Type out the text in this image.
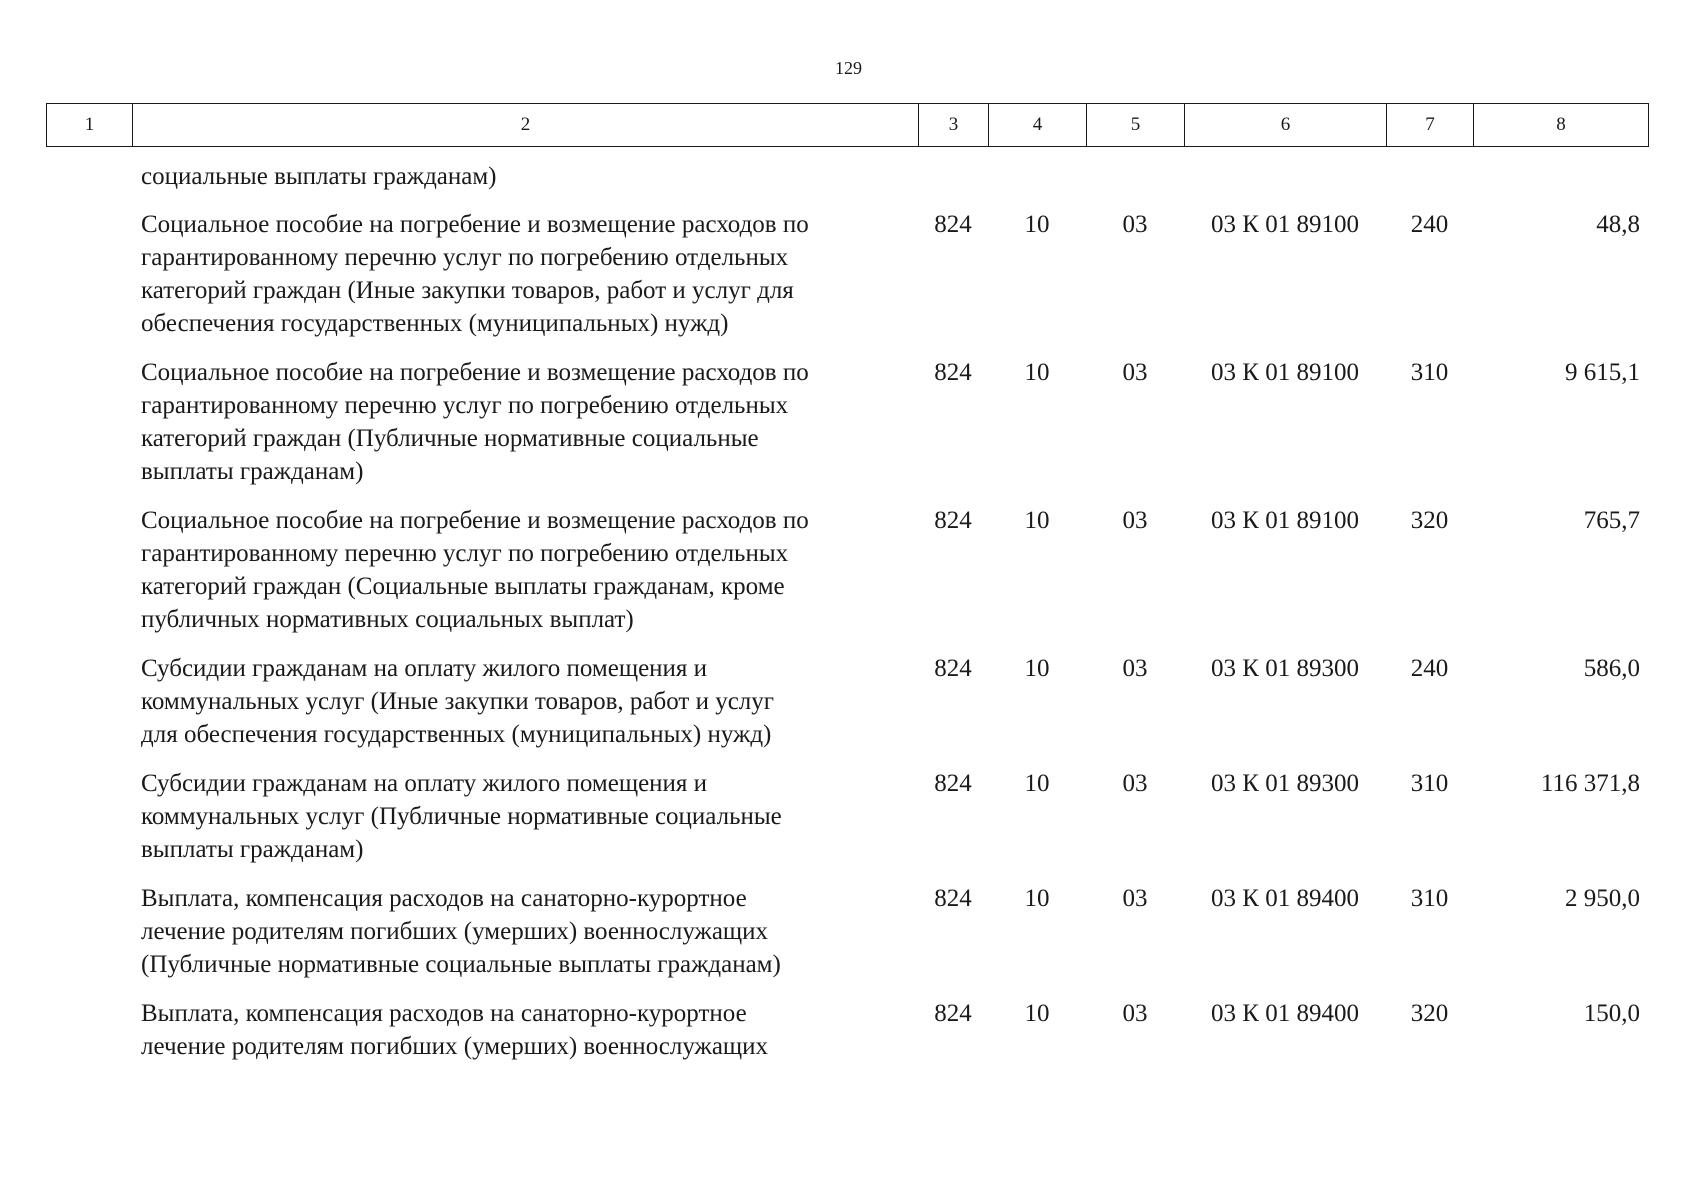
129
1	2	3	4	5	6	7	8
социальные выплаты гражданам)
Социальное пособие на погребение и возмещение расходов по
гарантированному перечню услуг по погребению отдельных
категорий граждан (Иные закупки товаров, работ и услуг для
обеспечения государственных (муниципальных) нужд)
824	10	03	03 К 01 89100	240	48,8
Социальное пособие на погребение и возмещение расходов по
гарантированному перечню услуг по погребению отдельных
категорий граждан (Публичные нормативные социальные
выплаты гражданам)
824	10	03	03 К 01 89100	310	9 615,1
Социальное пособие на погребение и возмещение расходов по
гарантированному перечню услуг по погребению отдельных
категорий граждан (Социальные выплаты гражданам, кроме
публичных нормативных социальных выплат)
824	10	03	03 К 01 89100	320	765,7
Субсидии гражданам на оплату жилого помещения и
коммунальных услуг (Иные закупки товаров, работ и услуг
для обеспечения государственных (муниципальных) нужд)
824	10	03	03 К 01 89300	240	586,0
Субсидии гражданам на оплату жилого помещения и
коммунальных услуг (Публичные нормативные социальные
выплаты гражданам)
824	10	03	03 К 01 89300	310	116 371,8
Выплата, компенсация расходов на санаторно-курортное
лечение родителям погибших (умерших) военнослужащих
(Публичные нормативные социальные выплаты гражданам)
824	10	03	03 К 01 89400	310	2 950,0
Выплата, компенсация расходов на санаторно-курортное
лечение родителям погибших (умерших) военнослужащих
824	10	03	03 К 01 89400	320	150,0
